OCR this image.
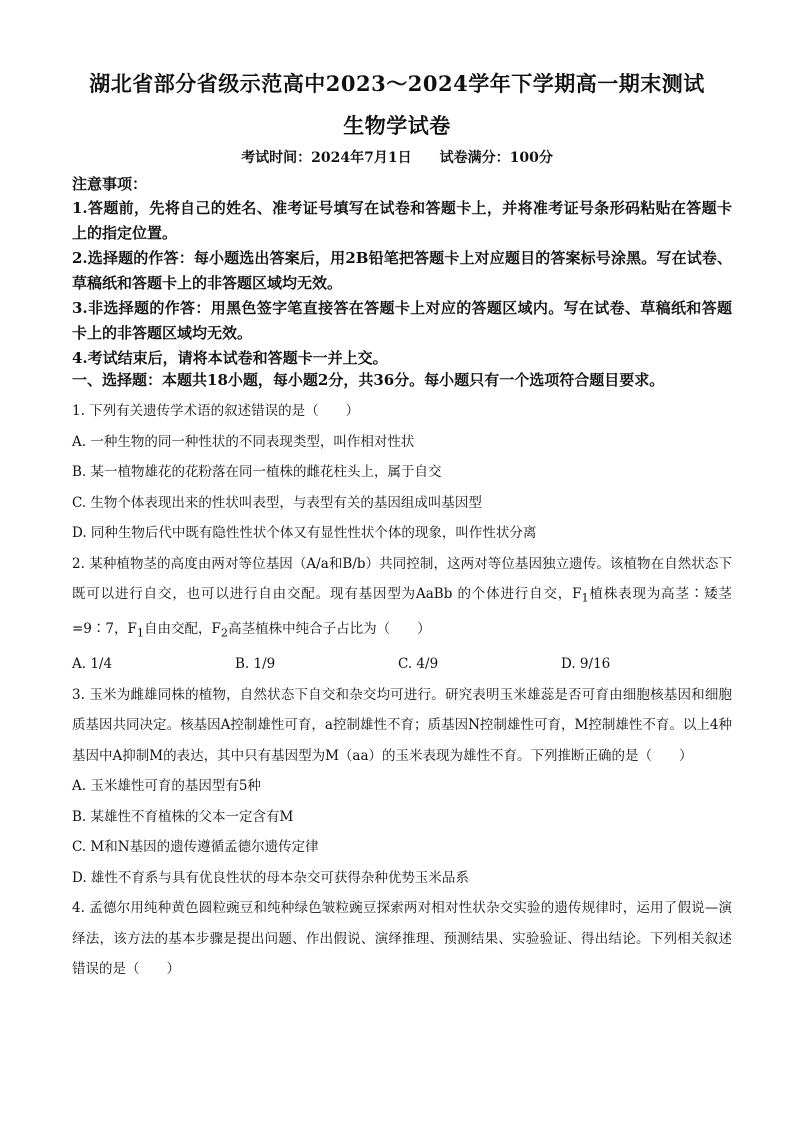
湖北省部分省级示范高中2023～2024学年下学期高一期末测试
生物学试卷
考试时间：2024年7月1日 试卷满分：100分
注意事项：
1.答题前，先将自己的姓名、准考证号填写在试卷和答题卡上，并将准考证号条形码粘贴在答题卡上的指定位置。
2.选择题的作答：每小题选出答案后，用2B铅笔把答题卡上对应题目的答案标号涂黑。写在试卷、草稿纸和答题卡上的非答题区域均无效。
3.非选择题的作答：用黑色签字笔直接答在答题卡上对应的答题区域内。写在试卷、草稿纸和答题卡上的非答题区域均无效。
4.考试结束后，请将本试卷和答题卡一并上交。
一、选择题：本题共18小题，每小题2分，共36分。每小题只有一个选项符合题目要求。
1. 下列有关遗传学术语的叙述错误的是（　　）
A. 一种生物的同一种性状的不同表现类型，叫作相对性状
B. 某一植物雄花的花粉落在同一植株的雌花柱头上，属于自交
C. 生物个体表现出来的性状叫表型，与表型有关的基因组成叫基因型
D. 同种生物后代中既有隐性性状个体又有显性性状个体的现象，叫作性状分离
2. 某种植物茎的高度由两对等位基因（A/a和B/b）共同控制，这两对等位基因独立遗传。该植物在自然状态下既可以进行自交，也可以进行自由交配。现有基因型为AaBb 的个体进行自交，$F_1$植株表现为高茎∶矮茎=9∶7，$F_1$自由交配，$F_2$高茎植株中纯合子占比为（　　）
A. 1/4	B. 1/9	C. 4/9	D. 9/16
3. 玉米为雌雄同株的植物，自然状态下自交和杂交均可进行。研究表明玉米雄蕊是否可育由细胞核基因和细胞质基因共同决定。核基因A控制雄性可育，a控制雄性不育；质基因N控制雄性可育，M控制雄性不育。以上4种基因中A抑制M的表达，其中只有基因型为M（aa）的玉米表现为雄性不育。下列推断正确的是（　　）
A. 玉米雄性可育的基因型有5种
B. 某雄性不育植株的父本一定含有M
C. M和N基因的遗传遵循孟德尔遗传定律
D. 雄性不育系与具有优良性状的母本杂交可获得杂种优势玉米品系
4. 孟德尔用纯种黄色圆粒豌豆和纯种绿色皱粒豌豆探索两对相对性状杂交实验的遗传规律时，运用了假说—演绎法，该方法的基本步骤是提出问题、作出假说、演绎推理、预测结果、实验验证、得出结论。下列相关叙述错误的是（　　）
